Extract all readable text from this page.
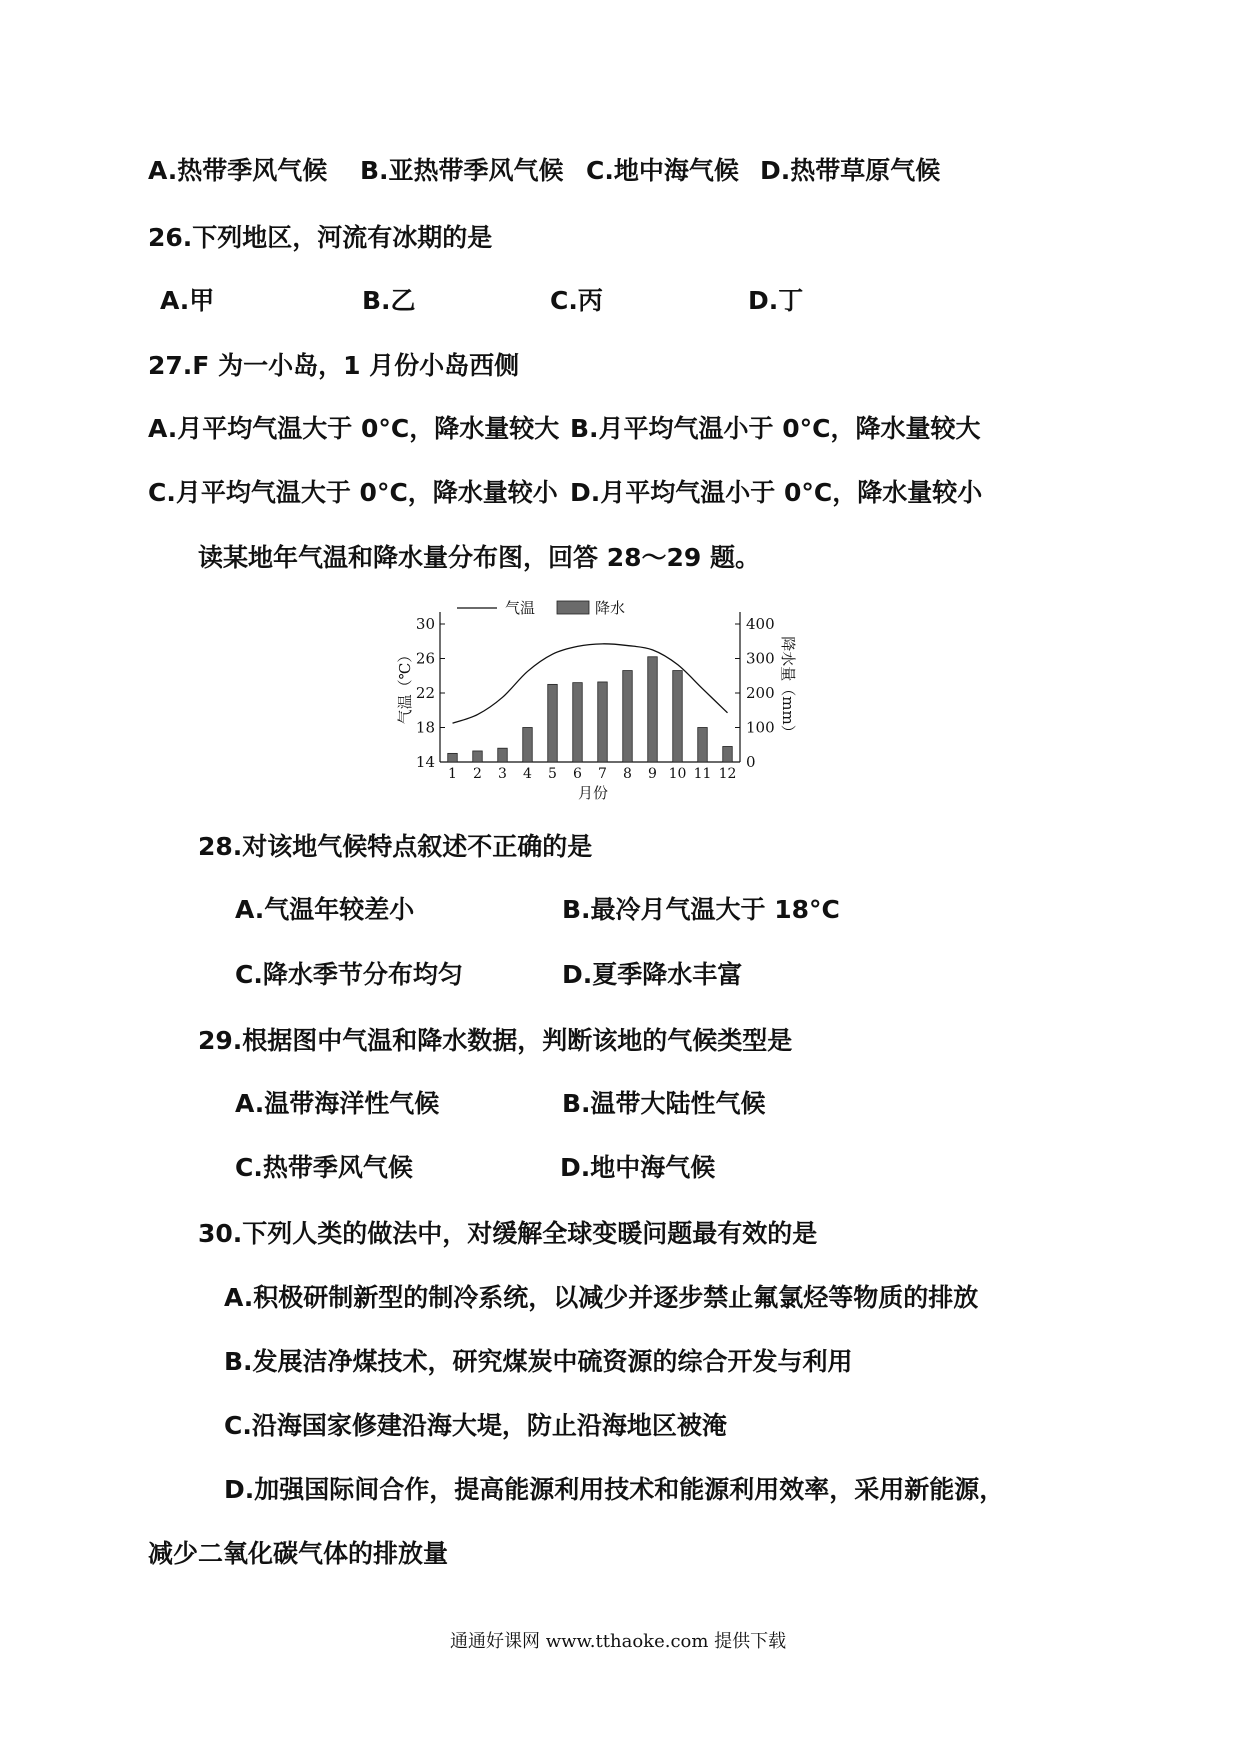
A.热带季风气候 B.亚热带季风气候 C.地中海气候 D.热带草原气候
26.下列地区，河流有冰期的是
A.甲	B.乙	C.丙	D.丁
27.F 为一小岛，1 月份小岛西侧
A.月平均气温大于 0°C，降水量较大 B.月平均气温小于 0°C，降水量较大
C.月平均气温大于 0°C，降水量较小 D.月平均气温小于 0°C，降水量较小
读某地年气温和降水量分布图，回答 28～29 题。
14
18
22
26
30
0
100
200
300
400
1 2 3 4 5 6 7 8 9 10 11 12
气温	降水
气温（℃）	降水量（mm）
月份
28.对该地气候特点叙述不正确的是
A.气温年较差小	B.最冷月气温大于 18°C
C.降水季节分布均匀	D.夏季降水丰富
29.根据图中气温和降水数据，判断该地的气候类型是
A.温带海洋性气候	B.温带大陆性气候
C.热带季风气候	D.地中海气候
30.下列人类的做法中，对缓解全球变暖问题最有效的是
A.积极研制新型的制冷系统，以减少并逐步禁止氟氯烃等物质的排放
B.发展洁净煤技术，研究煤炭中硫资源的综合开发与利用
C.沿海国家修建沿海大堤，防止沿海地区被淹
D.加强国际间合作，提高能源利用技术和能源利用效率，采用新能源，
减少二氧化碳气体的排放量
通通好课网 www.tthaoke.com 提供下载
